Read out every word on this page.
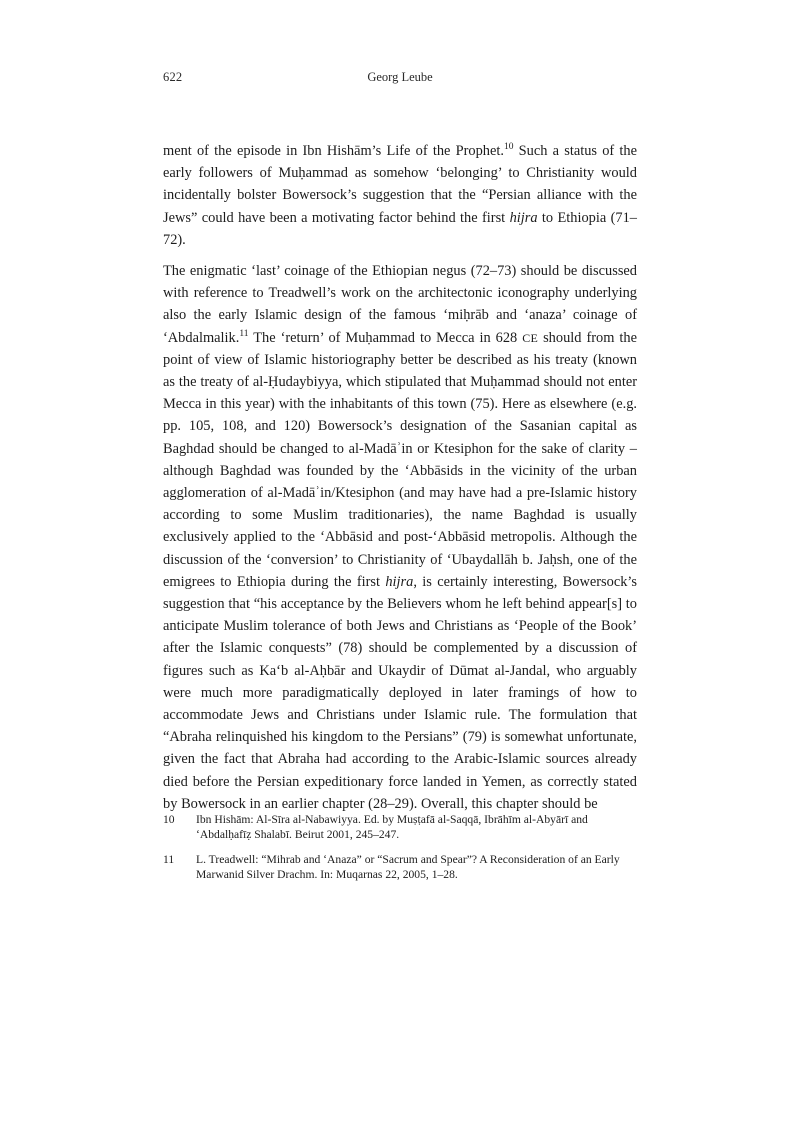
622	Georg Leube

ment of the episode in Ibn Hishām’s Life of the Prophet.$^{10}$ Such a status of the early followers of Muḥammad as somehow ‘belonging’ to Christianity would incidentally bolster Bowersock’s suggestion that the “Persian alliance with the Jews” could have been a motivating factor behind the first hijra to Ethiopia (71–72).

The enigmatic ‘last’ coinage of the Ethiopian negus (72–73) should be discussed with reference to Treadwell’s work on the architectonic iconography underlying also the early Islamic design of the famous ‘miḥrāb and ʻanaza’ coinage of ʻAbdalmalik.$^{11}$ The ‘return’ of Muḥammad to Mecca in 628 CE should from the point of view of Islamic historiography better be described as his treaty (known as the treaty of al-Ḥudaybiyya, which stipulated that Muḥammad should not enter Mecca in this year) with the inhabitants of this town (75). Here as elsewhere (e.g. pp. 105, 108, and 120) Bowersock’s designation of the Sasanian capital as Baghdad should be changed to al-Madāʾin or Ktesiphon for the sake of clarity – although Baghdad was founded by the ʻAbbāsids in the vicinity of the urban agglomeration of al-Madāʾin/Ktesiphon (and may have had a pre-Islamic history according to some Muslim traditionaries), the name Baghdad is usually exclusively applied to the ʻAbbāsid and post-ʻAbbāsid metropolis. Although the discussion of the ‘conversion’ to Christianity of ʻUbaydallāh b. Jaḥsh, one of the emigrees to Ethiopia during the first hijra, is certainly interesting, Bowersock’s suggestion that “his acceptance by the Believers whom he left behind appear[s] to anticipate Muslim tolerance of both Jews and Christians as ‘People of the Book’ after the Islamic conquests” (78) should be complemented by a discussion of figures such as Kaʻb al-Aḥbār and Ukaydir of Dūmat al-Jandal, who arguably were much more paradigmatically deployed in later framings of how to accommodate Jews and Christians under Islamic rule. The formulation that “Abraha relinquished his kingdom to the Persians” (79) is somewhat unfortunate, given the fact that Abraha had according to the Arabic-Islamic sources already died before the Persian expeditionary force landed in Yemen, as correctly stated by Bowersock in an earlier chapter (28–29). Overall, this chapter should be

10	Ibn Hishām: Al-Sīra al-Nabawiyya. Ed. by Muṣṭafā al-Saqqā, Ibrāhīm al-Abyārī and ʻAbdalḥafīẓ Shalabī. Beirut 2001, 245–247.
11	L. Treadwell: “Mihrab and ‘Anaza” or “Sacrum and Spear”? A Reconsideration of an Early Marwanid Silver Drachm. In: Muqarnas 22, 2005, 1–28.
